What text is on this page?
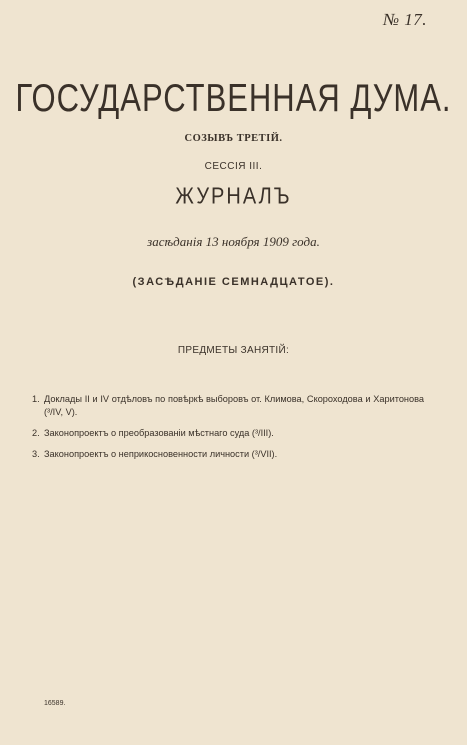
№ 17.
ГОСУДАРСТВЕННАЯ ДУМА.
СОЗЫВЪ ТРЕТІЙ.
СЕССІЯ III.
ЖУРНАЛЪ
засѣданія 13 ноября 1909 года.
(ЗАСѢДАНІЕ СЕМНАДЦАТОЕ).
ПРЕДМЕТЫ ЗАНЯТІЙ:
1. Доклады II и IV отдѣловъ по повѣркѣ выборовъ от. Климова, Скороходова и Харитонова (³/IV, V).
2. Законопроектъ о преобразованіи мѣстнаго суда (³/III).
3. Законопроектъ о неприкосновенности личности (³/VII).
16589.
